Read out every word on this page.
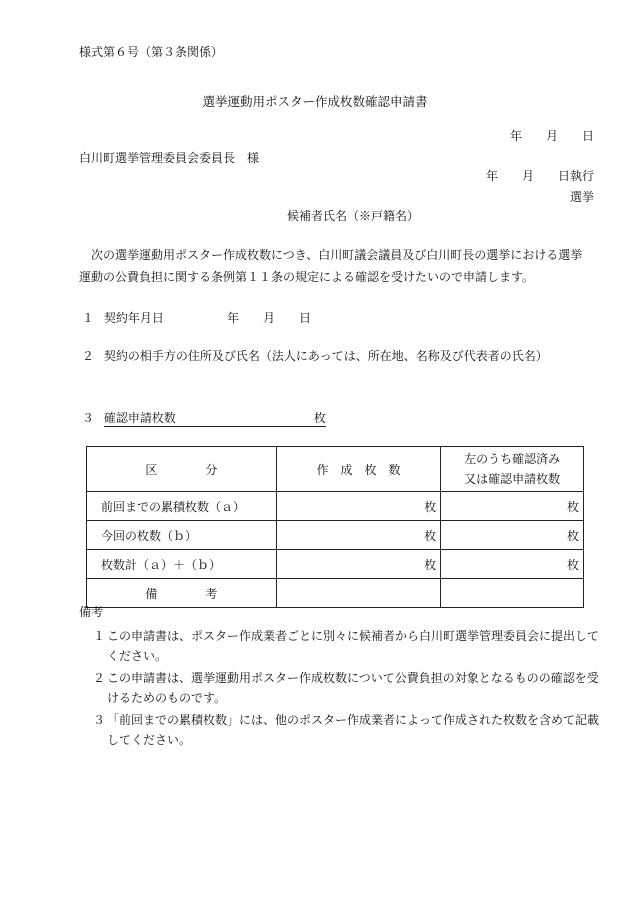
様式第６号（第３条関係）
選挙運動用ポスター作成枚数確認申請書
年　　月　　日
白川町選挙管理委員会委員長　様
年　　月　　日執行
選挙
候補者氏名（※戸籍名）
次の選挙運動用ポスター作成枚数につき、白川町議会議員及び白川町長の選挙における選挙運動の公費負担に関する条例第１１条の規定による確認を受けたいので申請します。
１ 契約年月日	年　　月　　日
２ 契約の相手方の住所及び氏名（法人にあっては、所在地、名称及び代表者の氏名）
３ 確認申請枚数	枚
区　　　　分	作　成　枚　数	左のうち確認済み
又は確認申請枚数

前回までの累積枚数（ａ）	枚	枚
今回の枚数（ｂ）	枚	枚
枚数計（ａ）＋（ｂ）	枚	枚
備　　　　考		
備考
１ この申請書は、ポスター作成業者ごとに別々に候補者から白川町選挙管理委員会に提出してください。
２ この申請書は、選挙運動用ポスター作成枚数について公費負担の対象となるものの確認を受けるためのものです。
３ 「前回までの累積枚数」には、他のポスター作成業者によって作成された枚数を含めて記載してください。
